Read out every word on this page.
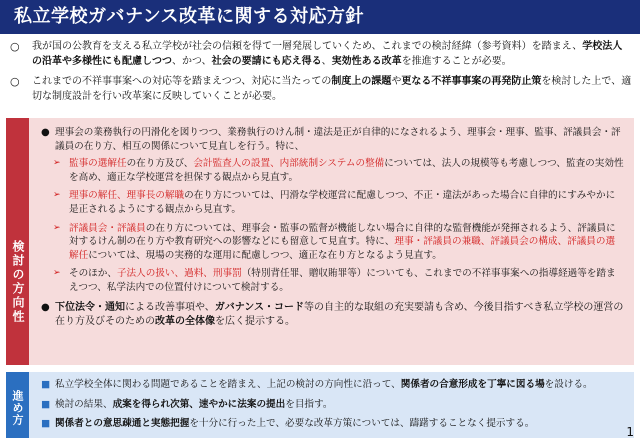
私立学校ガバナンス改革に関する対応方針

○ 我が国の公教育を支える私立学校が社会の信頼を得て一層発展していくため、これまでの検討経緯（参考資料）を踏まえ、学校法人の沿革や多様性にも配慮しつつ、かつ、社会の要請にも応え得る、実効性ある改革を推進することが必要。

○ これまでの不祥事事案への対応等を踏まえつつ、対応に当たっての制度上の課題や更なる不祥事事案の再発防止策を検討した上で、適切な制度設計を行い改革案に反映していくことが必要。

検討の方向性
● 理事会の業務執行の円滑化を図りつつ、業務執行のけん制・違法是正が自律的になされるよう、理事会・理事、監事、評議員会・評議員の在り方、相互の関係について見直しを行う。特に、
➢ 監事の選解任の在り方及び、会計監査人の設置、内部統制システムの整備については、法人の規模等も考慮しつつ、監査の実効性を高め、適正な学校運営を担保する観点から見直す。
➢ 理事の解任、理事長の解職の在り方については、円滑な学校運営に配慮しつつ、不正・違法があった場合に自律的にすみやかに是正されるようにする観点から見直す。
➢ 評議員会・評議員の在り方については、理事会・監事の監督が機能しない場合に自律的な監督機能が発揮されるよう、評議員に対するけん制の在り方や教育研究への影響などにも留意して見直す。特に、理事・評議員の兼職、評議員会の構成、評議員の選解任については、現場の実務的な運用に配慮しつつ、適正な在り方となるよう見直す。
➢ そのほか、子法人の扱い、過料、刑事罰（特別背任罪、贈収賄罪等）についても、これまでの不祥事事案への指導経過等を踏まえつつ、私学法内での位置付けについて検討する。
● 下位法令・通知による改善事項や、ガバナンス・コード等の自主的な取組の充実要請も含め、今後目指すべき私立学校の運営の在り方及びそのための改革の全体像を広く提示する。
進め方
■ 私立学校全体に関わる問題であることを踏まえ、上記の検討の方向性に沿って、関係者の合意形成を丁寧に図る場を設ける。
■ 検討の結果、成案を得られ次第、速やかに法案の提出を目指す。
■ 関係者との意思疎通と実態把握を十分に行った上で、必要な改革方策については、躊躇することなく提示する。
1
